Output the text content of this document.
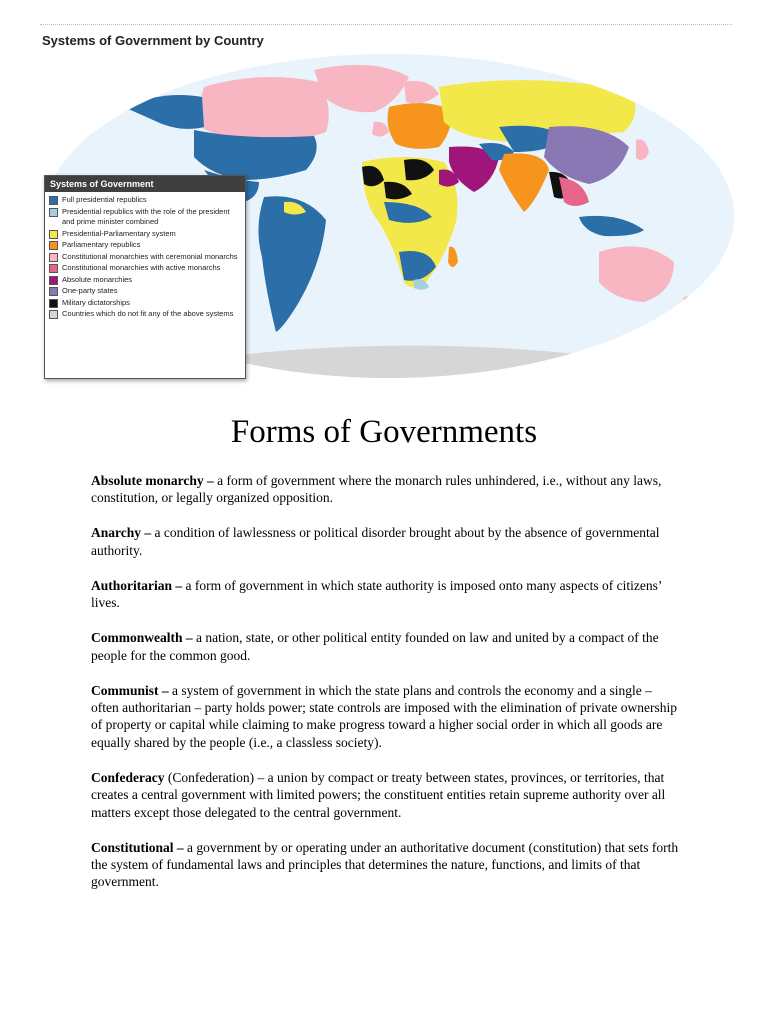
Systems of Government by Country
Systems of Government
Full presidential republics
Presidential republics with the role of the president and prime minister combined
Presidential-Parliamentary system
Parliamentary republics
Constitutional monarchies with ceremonial monarchs
Constitutional monarchies with active monarchs
Absolute monarchies
One-party states
Military dictatorships
Countries which do not fit any of the above systems
Forms of Governments

Absolute monarchy – a form of government where the monarch rules unhindered, i.e., without any laws, constitution, or legally organized opposition.

Anarchy – a condition of lawlessness or political disorder brought about by the absence of governmental authority.

Authoritarian – a form of government in which state authority is imposed onto many aspects of citizens’ lives.

Commonwealth – a nation, state, or other political entity founded on law and united by a compact of the people for the common good.

Communist – a system of government in which the state plans and controls the economy and a single – often authoritarian – party holds power; state controls are imposed with the elimination of private ownership of property or capital while claiming to make progress toward a higher social order in which all goods are equally shared by the people (i.e., a classless society).

Confederacy (Confederation) – a union by compact or treaty between states, provinces, or territories, that creates a central government with limited powers; the constituent entities retain supreme authority over all matters except those delegated to the central government.

Constitutional – a government by or operating under an authoritative document (constitution) that sets forth the system of fundamental laws and principles that determines the nature, functions, and limits of that government.
